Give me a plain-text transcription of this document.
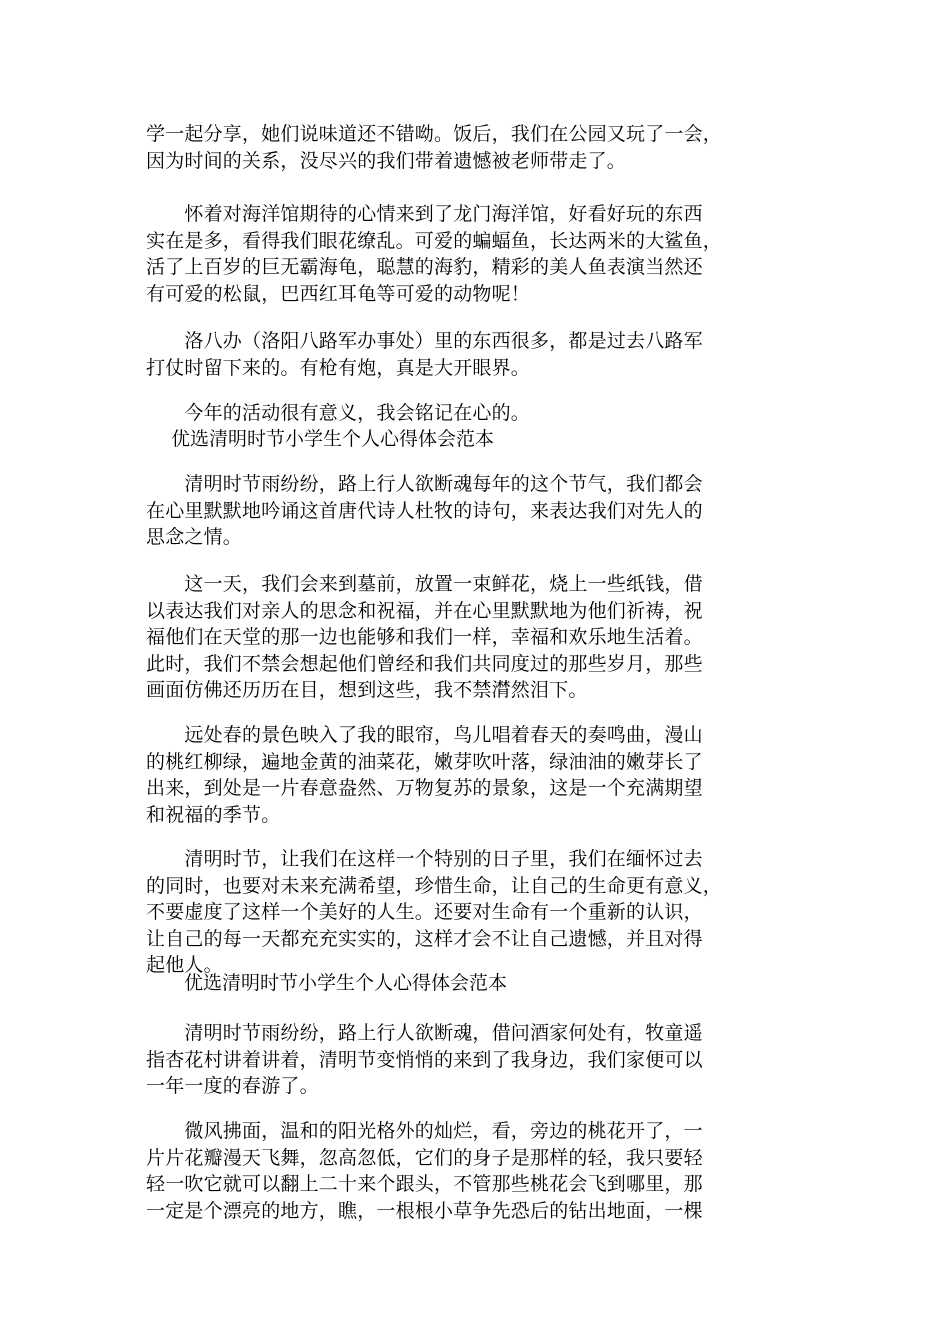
学一起分享，她们说味道还不错呦。饭后，我们在公园又玩了一会，
因为时间的关系，没尽兴的我们带着遗憾被老师带走了。
　　怀着对海洋馆期待的心情来到了龙门海洋馆，好看好玩的东西
实在是多，看得我们眼花缭乱。可爱的蝙蝠鱼，长达两米的大鲨鱼，
活了上百岁的巨无霸海龟，聪慧的海豹，精彩的美人鱼表演当然还
有可爱的松鼠，巴西红耳龟等可爱的动物呢！
　　洛八办（洛阳八路军办事处）里的东西很多，都是过去八路军
打仗时留下来的。有枪有炮，真是大开眼界。
　　今年的活动很有意义，我会铭记在心的。
　 优选清明时节小学生个人心得体会范本
　　清明时节雨纷纷，路上行人欲断魂每年的这个节气，我们都会
在心里默默地吟诵这首唐代诗人杜牧的诗句，来表达我们对先人的
思念之情。
　　这一天，我们会来到墓前，放置一束鲜花，烧上一些纸钱，借
以表达我们对亲人的思念和祝福，并在心里默默地为他们祈祷，祝
福他们在天堂的那一边也能够和我们一样，幸福和欢乐地生活着。
此时，我们不禁会想起他们曾经和我们共同度过的那些岁月，那些
画面仿佛还历历在目，想到这些，我不禁潸然泪下。
　　远处春的景色映入了我的眼帘，鸟儿唱着春天的奏鸣曲，漫山
的桃红柳绿，遍地金黄的油菜花，嫩芽吹叶落，绿油油的嫩芽长了
出来，到处是一片春意盎然、万物复苏的景象，这是一个充满期望
和祝福的季节。
　　清明时节，让我们在这样一个特别的日子里，我们在缅怀过去
的同时，也要对未来充满希望，珍惜生命，让自己的生命更有意义，
不要虚度了这样一个美好的人生。还要对生命有一个重新的认识，
让自己的每一天都充充实实的，这样才会不让自己遗憾，并且对得
起他人。
　　优选清明时节小学生个人心得体会范本
　　清明时节雨纷纷，路上行人欲断魂，借问酒家何处有，牧童遥
指杏花村讲着讲着，清明节变悄悄的来到了我身边，我们家便可以
一年一度的春游了。
　　微风拂面，温和的阳光格外的灿烂，看，旁边的桃花开了，一
片片花瓣漫天飞舞，忽高忽低，它们的身子是那样的轻，我只要轻
轻一吹它就可以翻上二十来个跟头，不管那些桃花会飞到哪里，那
一定是个漂亮的地方，瞧，一根根小草争先恐后的钻出地面，一棵
